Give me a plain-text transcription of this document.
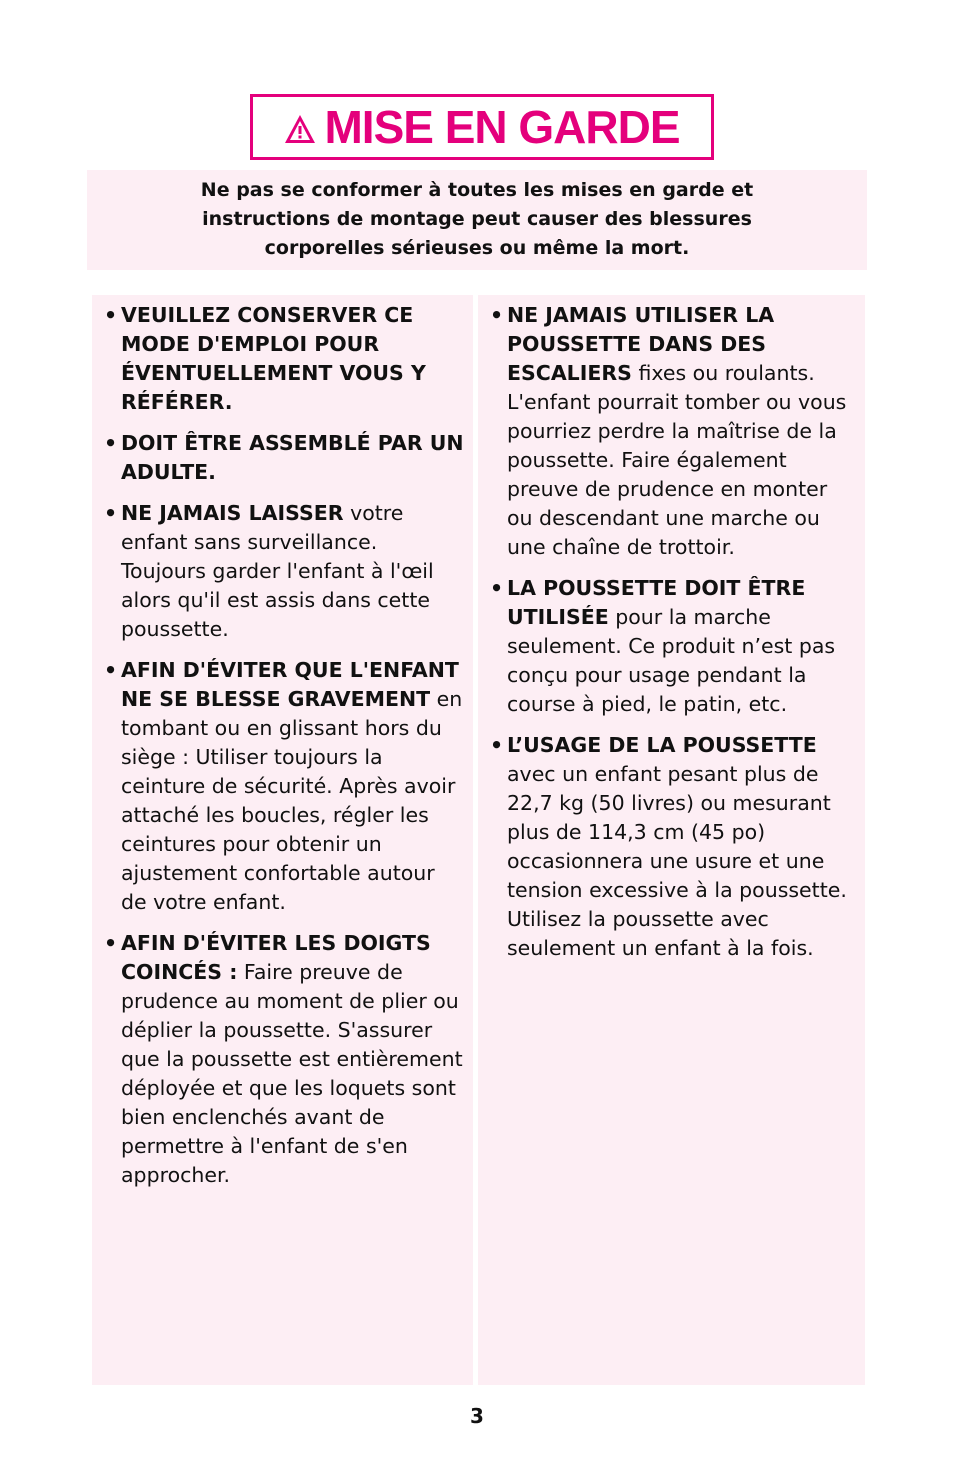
MISE EN GARDE

Ne pas se conformer à toutes les mises en garde et instructions de montage peut causer des blessures corporelles sérieuses ou même la mort.

• VEUILLEZ CONSERVER CE MODE D'EMPLOI POUR ÉVENTUELLEMENT VOUS Y RÉFÉRER.
• DOIT ÊTRE ASSEMBLÉ PAR UN ADULTE.
• NE JAMAIS LAISSER votre enfant sans surveillance. Toujours garder l'enfant à l'œil alors qu'il est assis dans cette poussette.
• AFIN D'ÉVITER QUE L'ENFANT NE SE BLESSE GRAVEMENT en tombant ou en glissant hors du siège : Utiliser toujours la ceinture de sécurité. Après avoir attaché les boucles, régler les ceintures pour obtenir un ajustement confortable autour de votre enfant.
• AFIN D'ÉVITER LES DOIGTS COINCÉS : Faire preuve de prudence au moment de plier ou déplier la poussette. S'assurer que la poussette est entièrement déployée et que les loquets sont bien enclenchés avant de permettre à l'enfant de s'en approcher.
• NE JAMAIS UTILISER LA POUSSETTE DANS DES ESCALIERS fixes ou roulants. L'enfant pourrait tomber ou vous pourriez perdre la maîtrise de la poussette. Faire également preuve de prudence en monter ou descendant une marche ou une chaîne de trottoir.
• LA POUSSETTE DOIT ÊTRE UTILISÉE pour la marche seulement. Ce produit n’est pas conçu pour usage pendant la course à pied, le patin, etc.
• L’USAGE DE LA POUSSETTE avec un enfant pesant plus de 22,7 kg (50 livres) ou mesurant plus de 114,3 cm (45 po) occasionnera une usure et une tension excessive à la poussette. Utilisez la poussette avec seulement un enfant à la fois.
3
